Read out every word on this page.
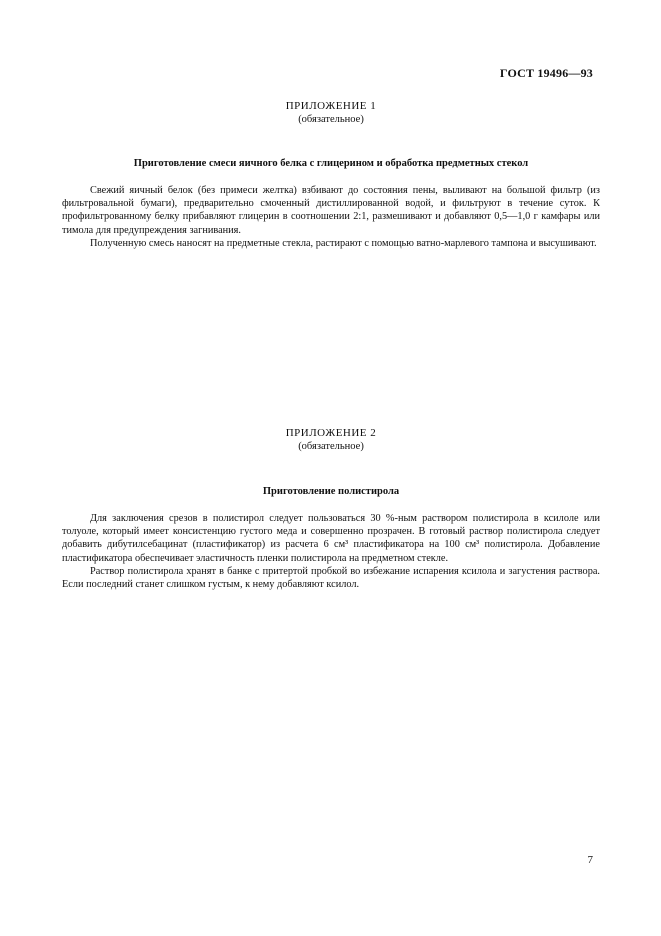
ГОСТ 19496—93
ПРИЛОЖЕНИЕ 1
(обязательное)
Приготовление смеси яичного белка с глицерином и обработка предметных стекол

Свежий яичный белок (без примеси желтка) взбивают до состояния пены, выливают на большой фильтр (из фильтровальной бумаги), предварительно смоченный дистиллированной водой, и фильтруют в течение суток. К профильтрованному белку прибавляют глицерин в соотношении 2:1, размешивают и добавляют 0,5—1,0 г камфары или тимола для предупреждения загнивания.

Полученную смесь наносят на предметные стекла, растирают с помощью ватно-марлевого тампона и высушивают.

ПРИЛОЖЕНИЕ 2
(обязательное)
Приготовление полистирола

Для заключения срезов в полистирол следует пользоваться 30 %-ным раствором полистирола в ксилоле или толуоле, который имеет консистенцию густого меда и совершенно прозрачен. В готовый раствор полистирола следует добавить дибутилсебацинат (пластификатор) из расчета 6 см³ пластификатора на 100 см³ полистирола. Добавление пластификатора обеспечивает эластичность пленки полистирола на предметном стекле.

Раствор полистирола хранят в банке с притертой пробкой во избежание испарения ксилола и загустения раствора. Если последний станет слишком густым, к нему добавляют ксилол.

7
